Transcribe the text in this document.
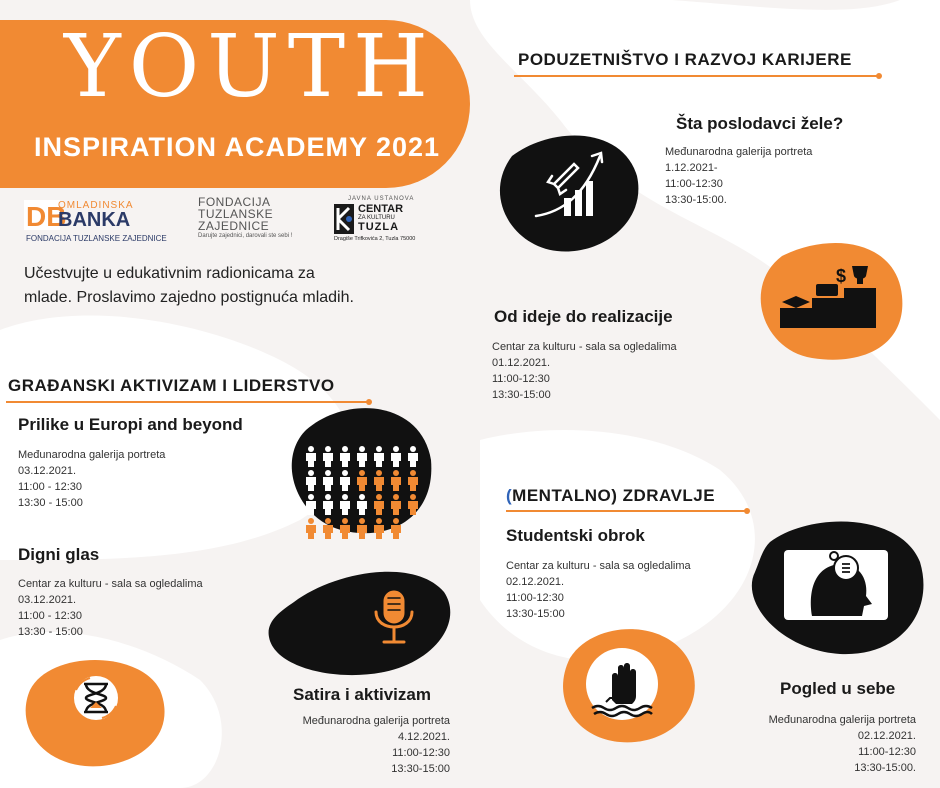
YOUTH
INSPIRATION ACADEMY 2021
DB
OMLADINSKA
BANKA
FONDACIJA TUZLANSKE ZAJEDNICE
FONDACIJA
TUZLANSKE
ZAJEDNICE
Darujte zajednici, darovali ste sebi !
JAVNA USTANOVA
CENTAR
ZA KULTURU
TUZLA
Dragiše Trifkovića 2, Tuzla 75000
Učestvujte u edukativnim radionicama za
mlade. Proslavimo zajedno postignuća mladih.
PODUZETNIŠTVO I RAZVOJ KARIJERE
Šta poslodavci žele?
Međunarodna galerija portreta
1.12.2021-
11:00-12:30
13:30-15:00.
$
Od ideje do realizacije
Centar za kulturu - sala sa ogledalima
01.12.2021.
11:00-12:30
13:30-15:00
GRAĐANSKI AKTIVIZAM I LIDERSTVO
Prilike u Europi and beyond
Međunarodna galerija portreta
03.12.2021.
11:00 - 12:30
13:30 - 15:00
Digni glas
Centar za kulturu - sala sa ogledalima
03.12.2021.
11:00 - 12:30
13:30 - 15:00
Satira i aktivizam
Međunarodna galerija portreta
4.12.2021.
11:00-12:30
13:30-15:00
(MENTALNO) ZDRAVLJE
Studentski obrok
Centar za kulturu - sala sa ogledalima
02.12.2021.
11:00-12:30
13:30-15:00
Pogled u sebe
Međunarodna galerija portreta
02.12.2021.
11:00-12:30
13:30-15:00.
